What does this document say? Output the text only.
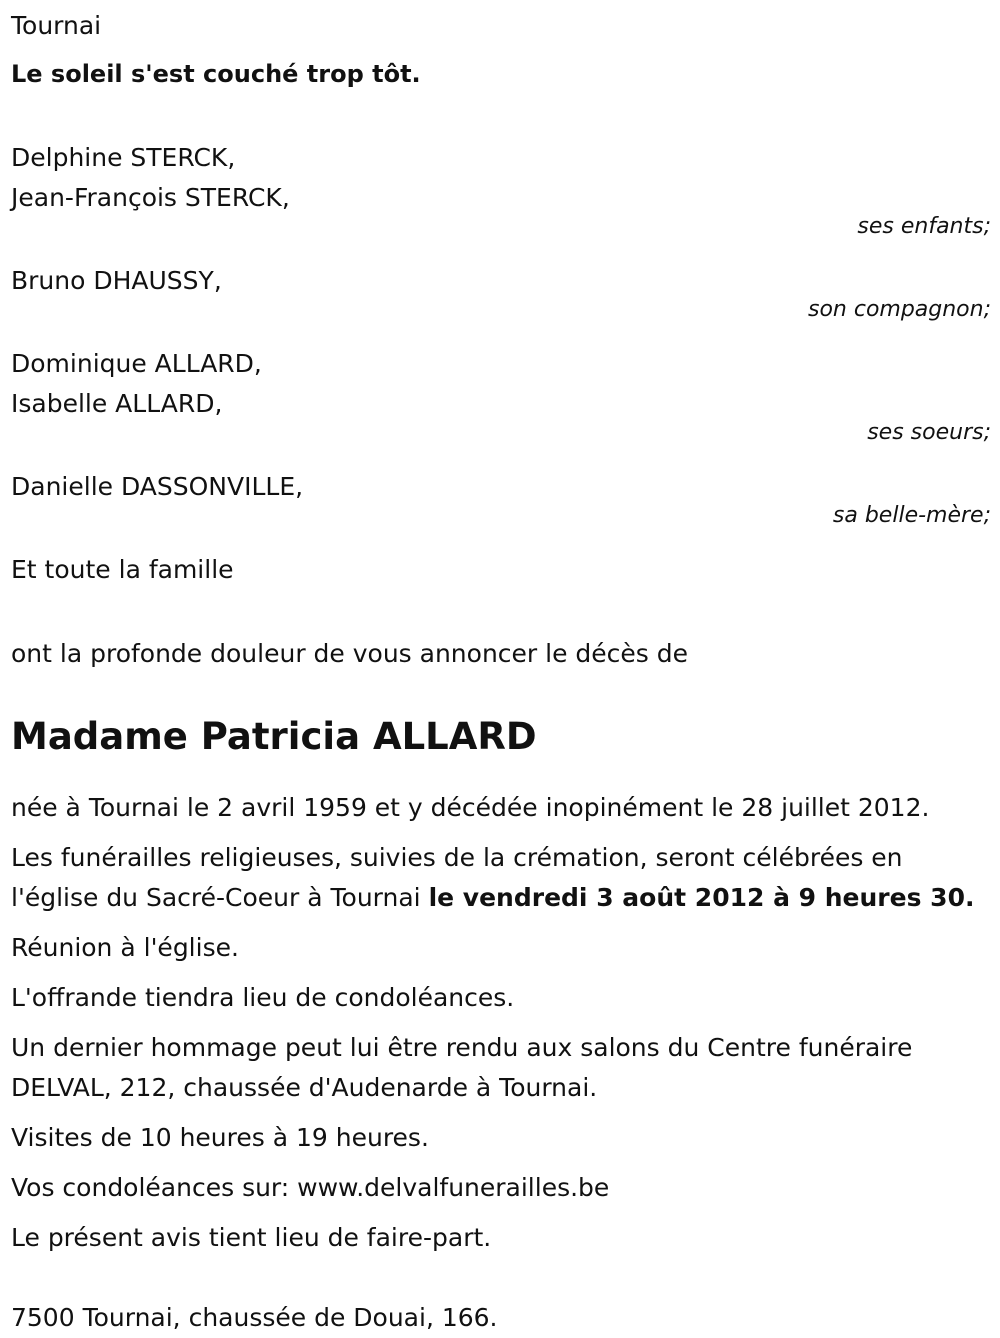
Tournai

Le soleil s'est couché trop tôt.

Delphine STERCK,

Jean-François STERCK,

ses enfants;

Bruno DHAUSSY,

son compagnon;

Dominique ALLARD,

Isabelle ALLARD,

ses soeurs;

Danielle DASSONVILLE,

sa belle-mère;

Et toute la famille

ont la profonde douleur de vous annoncer le décès de

Madame Patricia ALLARD

née à Tournai le 2 avril 1959 et y décédée inopinément le 28 juillet 2012.

Les funérailles religieuses, suivies de la crémation, seront célébrées en l'église du Sacré-Coeur à Tournai le vendredi 3 août 2012 à 9 heures 30.

Réunion à l'église.

L'offrande tiendra lieu de condoléances.

Un dernier hommage peut lui être rendu aux salons du Centre funéraire DELVAL, 212, chaussée d'Audenarde à Tournai.

Visites de 10 heures à 19 heures.

Vos condoléances sur: www.delvalfunerailles.be

Le présent avis tient lieu de faire-part.

7500 Tournai, chaussée de Douai, 166.
